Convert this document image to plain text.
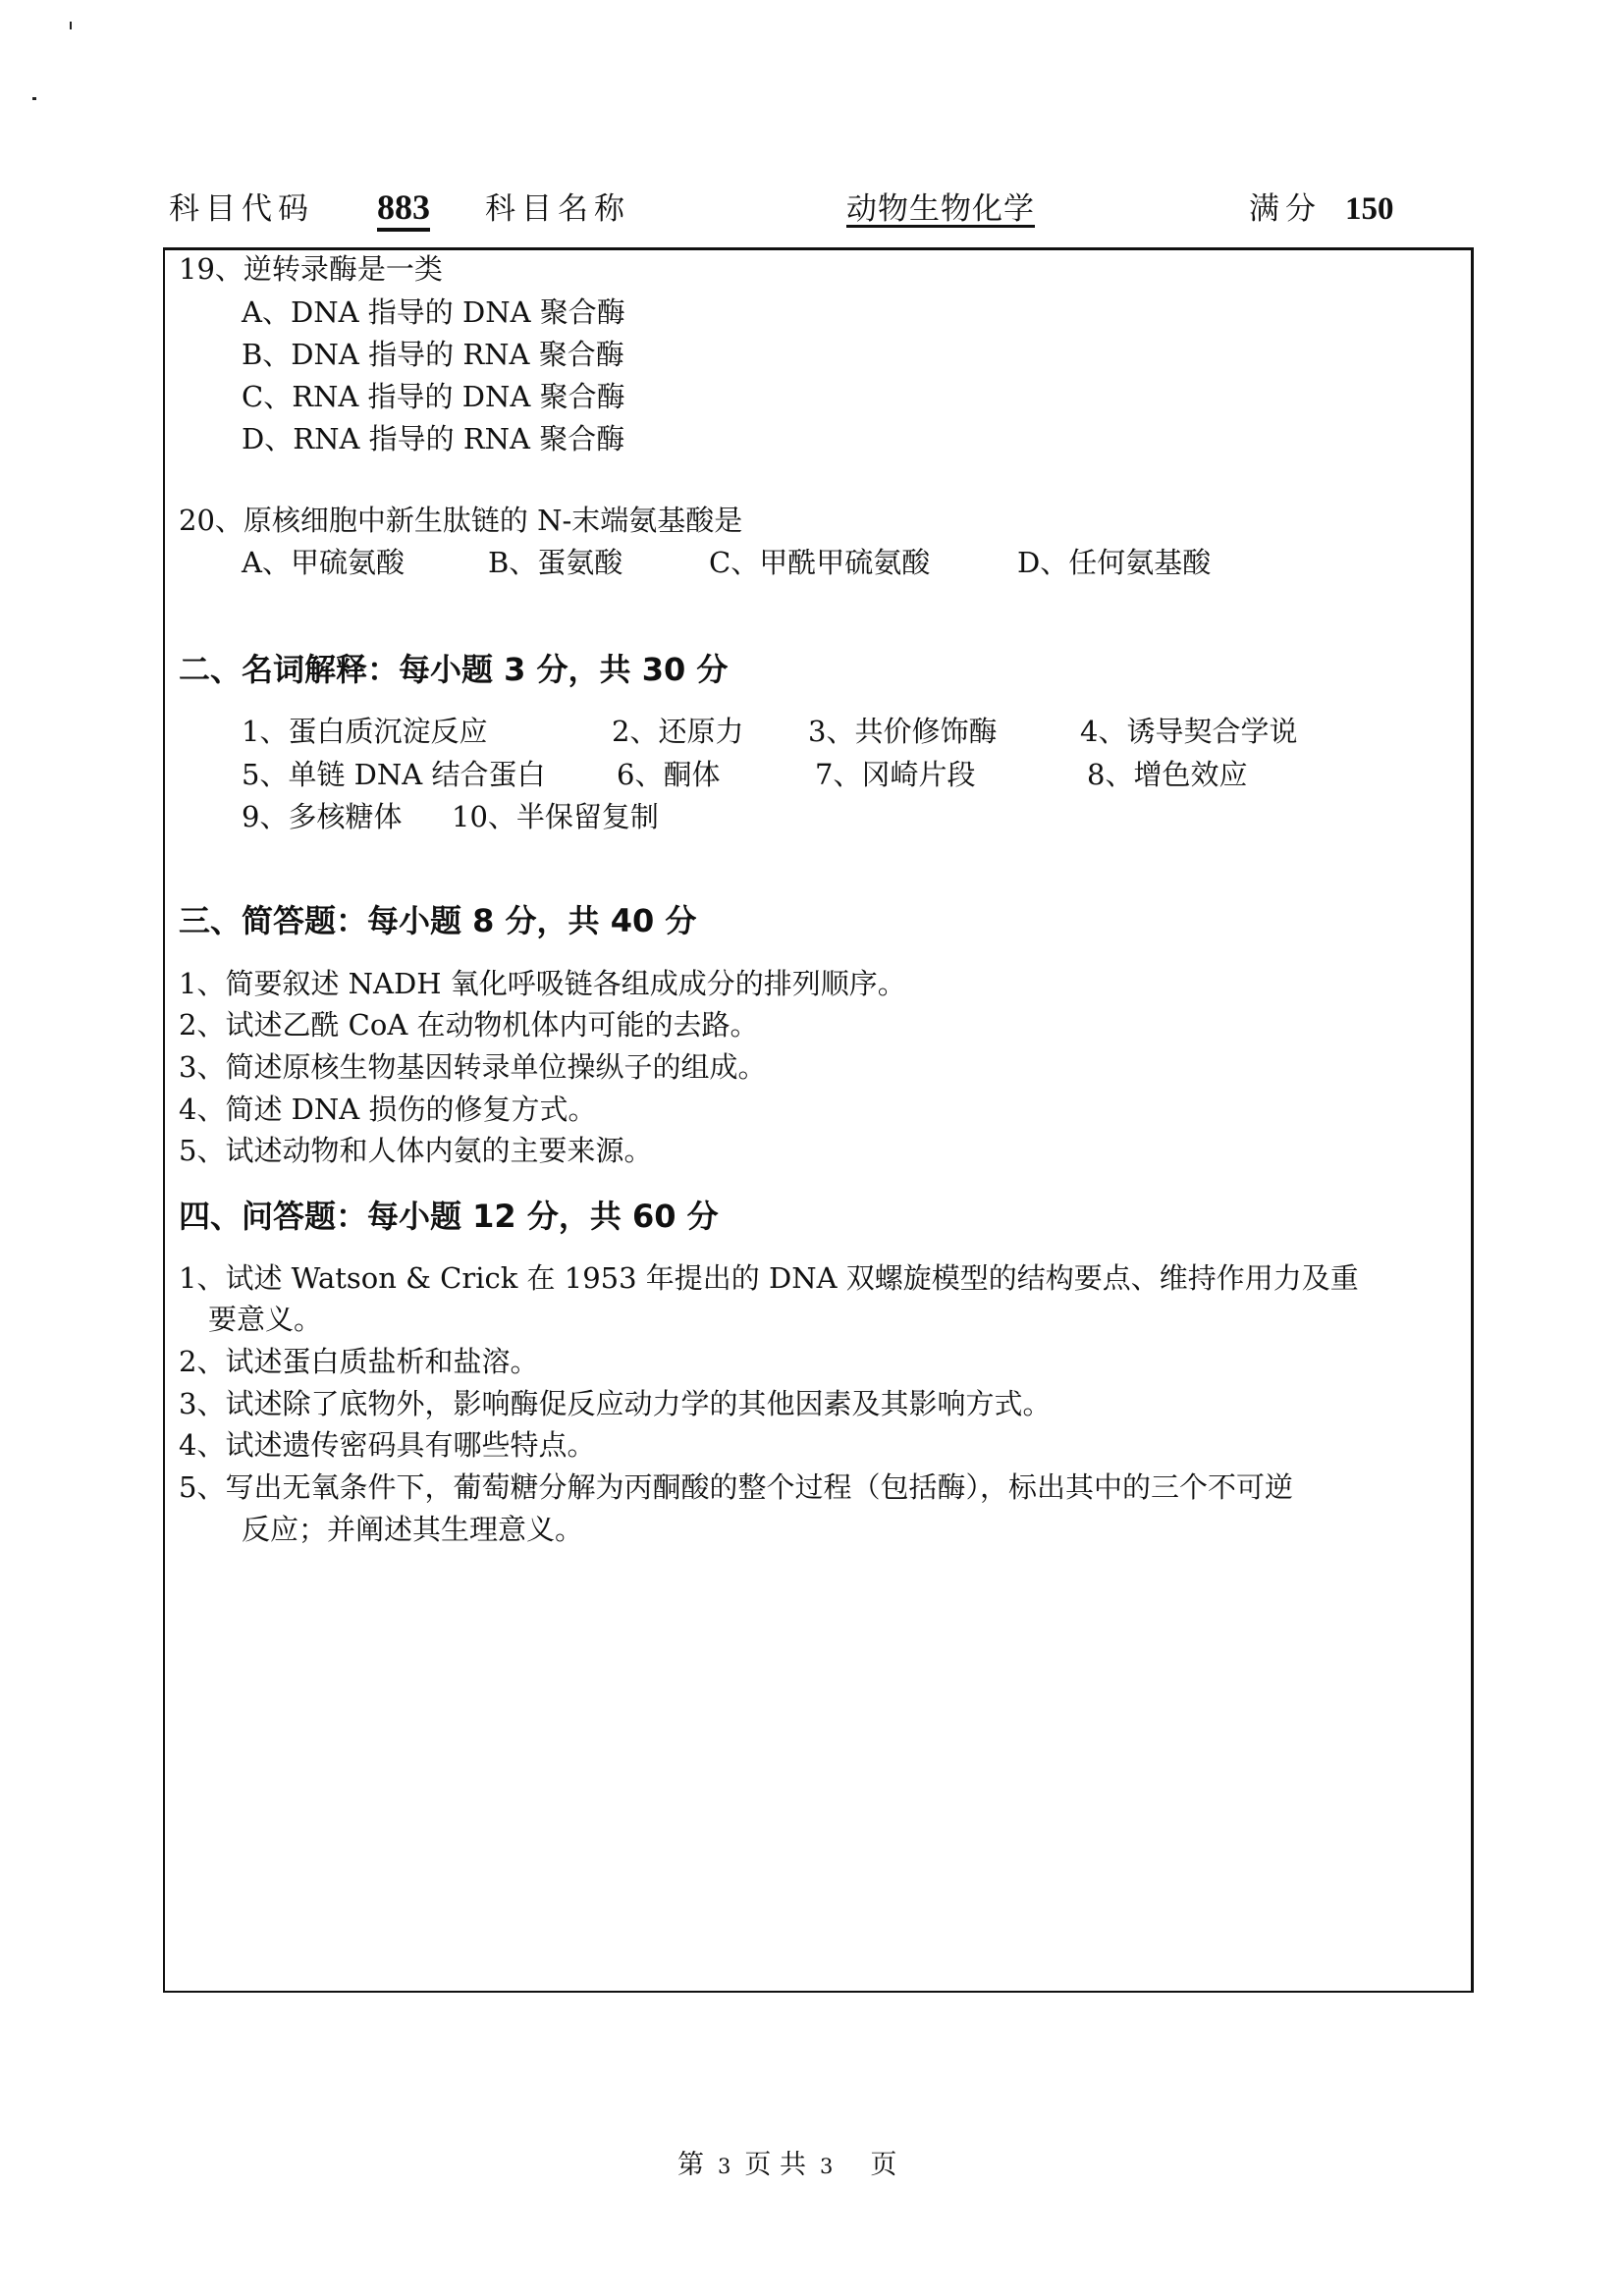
科目代码 883 科目名称	动物生物化学	满分 150
19、逆转录酶是一类
A、DNA 指导的 DNA 聚合酶
B、DNA 指导的 RNA 聚合酶
C、RNA 指导的 DNA 聚合酶
D、RNA 指导的 RNA 聚合酶
20、原核细胞中新生肽链的 N-末端氨基酸是
A、甲硫氨酸	B、蛋氨酸	C、甲酰甲硫氨酸	D、任何氨基酸
二、名词解释：每小题 3 分，共 30 分
1、蛋白质沉淀反应	2、还原力 3、共价修饰酶	4、诱导契合学说
5、单链 DNA 结合蛋白	6、酮体	7、冈崎片段	8、增色效应
9、多核糖体 10、半保留复制
三、简答题：每小题 8 分，共 40 分
1、简要叙述 NADH 氧化呼吸链各组成成分的排列顺序。
2、试述乙酰 CoA 在动物机体内可能的去路。
3、简述原核生物基因转录单位操纵子的组成。
4、简述 DNA 损伤的修复方式。
5、试述动物和人体内氨的主要来源。
四、问答题：每小题 12 分，共 60 分
1、试述 Watson & Crick 在 1953 年提出的 DNA 双螺旋模型的结构要点、维持作用力及重
要意义。
2、试述蛋白质盐析和盐溶。
3、试述除了底物外，影响酶促反应动力学的其他因素及其影响方式。
4、试述遗传密码具有哪些特点。
5、写出无氧条件下，葡萄糖分解为丙酮酸的整个过程（包括酶），标出其中的三个不可逆
反应；并阐述其生理意义。
第 3 页 共 3 页
